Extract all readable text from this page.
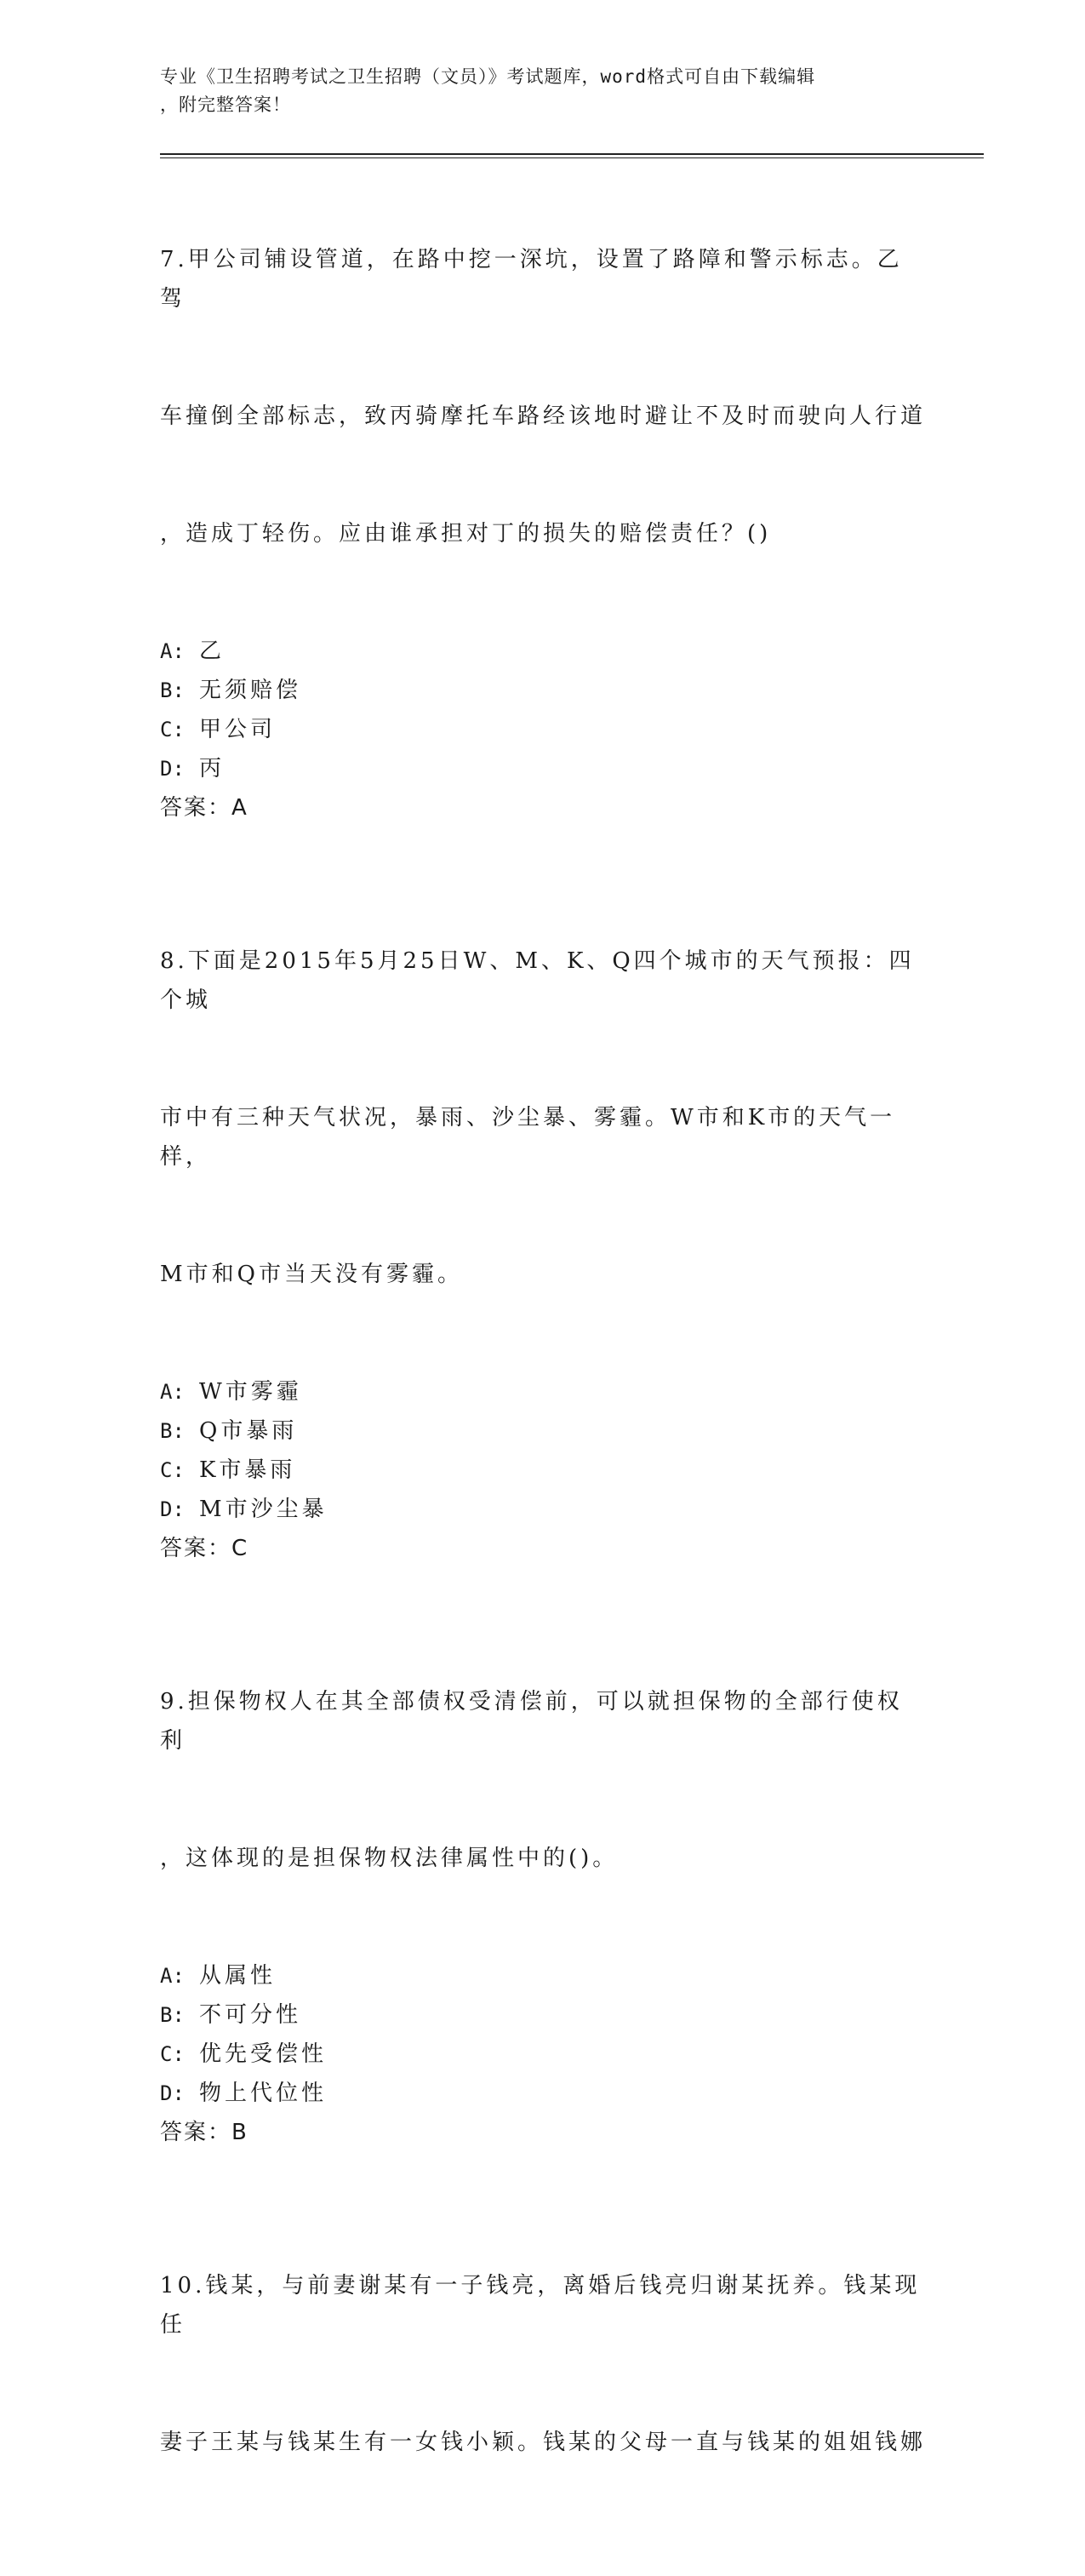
专业《卫生招聘考试之卫生招聘（文员）》考试题库，word格式可自由下载编辑
，附完整答案！

7.甲公司铺设管道，在路中挖一深坑，设置了路障和警示标志。乙驾

车撞倒全部标志，致丙骑摩托车路经该地时避让不及时而驶向人行道

，造成丁轻伤。应由谁承担对丁的损失的赔偿责任？()

A: 乙
B: 无须赔偿
C: 甲公司
D: 丙
答案：A

8.下面是2015年5月25日W、M、K、Q四个城市的天气预报：四个城

市中有三种天气状况，暴雨、沙尘暴、雾霾。W市和K市的天气一样，

M市和Q市当天没有雾霾。

A: W市雾霾
B: Q市暴雨
C: K市暴雨
D: M市沙尘暴
答案：C

9.担保物权人在其全部债权受清偿前，可以就担保物的全部行使权利

，这体现的是担保物权法律属性中的()。

A: 从属性
B: 不可分性
C: 优先受偿性
D: 物上代位性
答案：B

10.钱某，与前妻谢某有一子钱亮，离婚后钱亮归谢某抚养。钱某现任

妻子王某与钱某生有一女钱小颖。钱某的父母一直与钱某的姐姐钱娜
